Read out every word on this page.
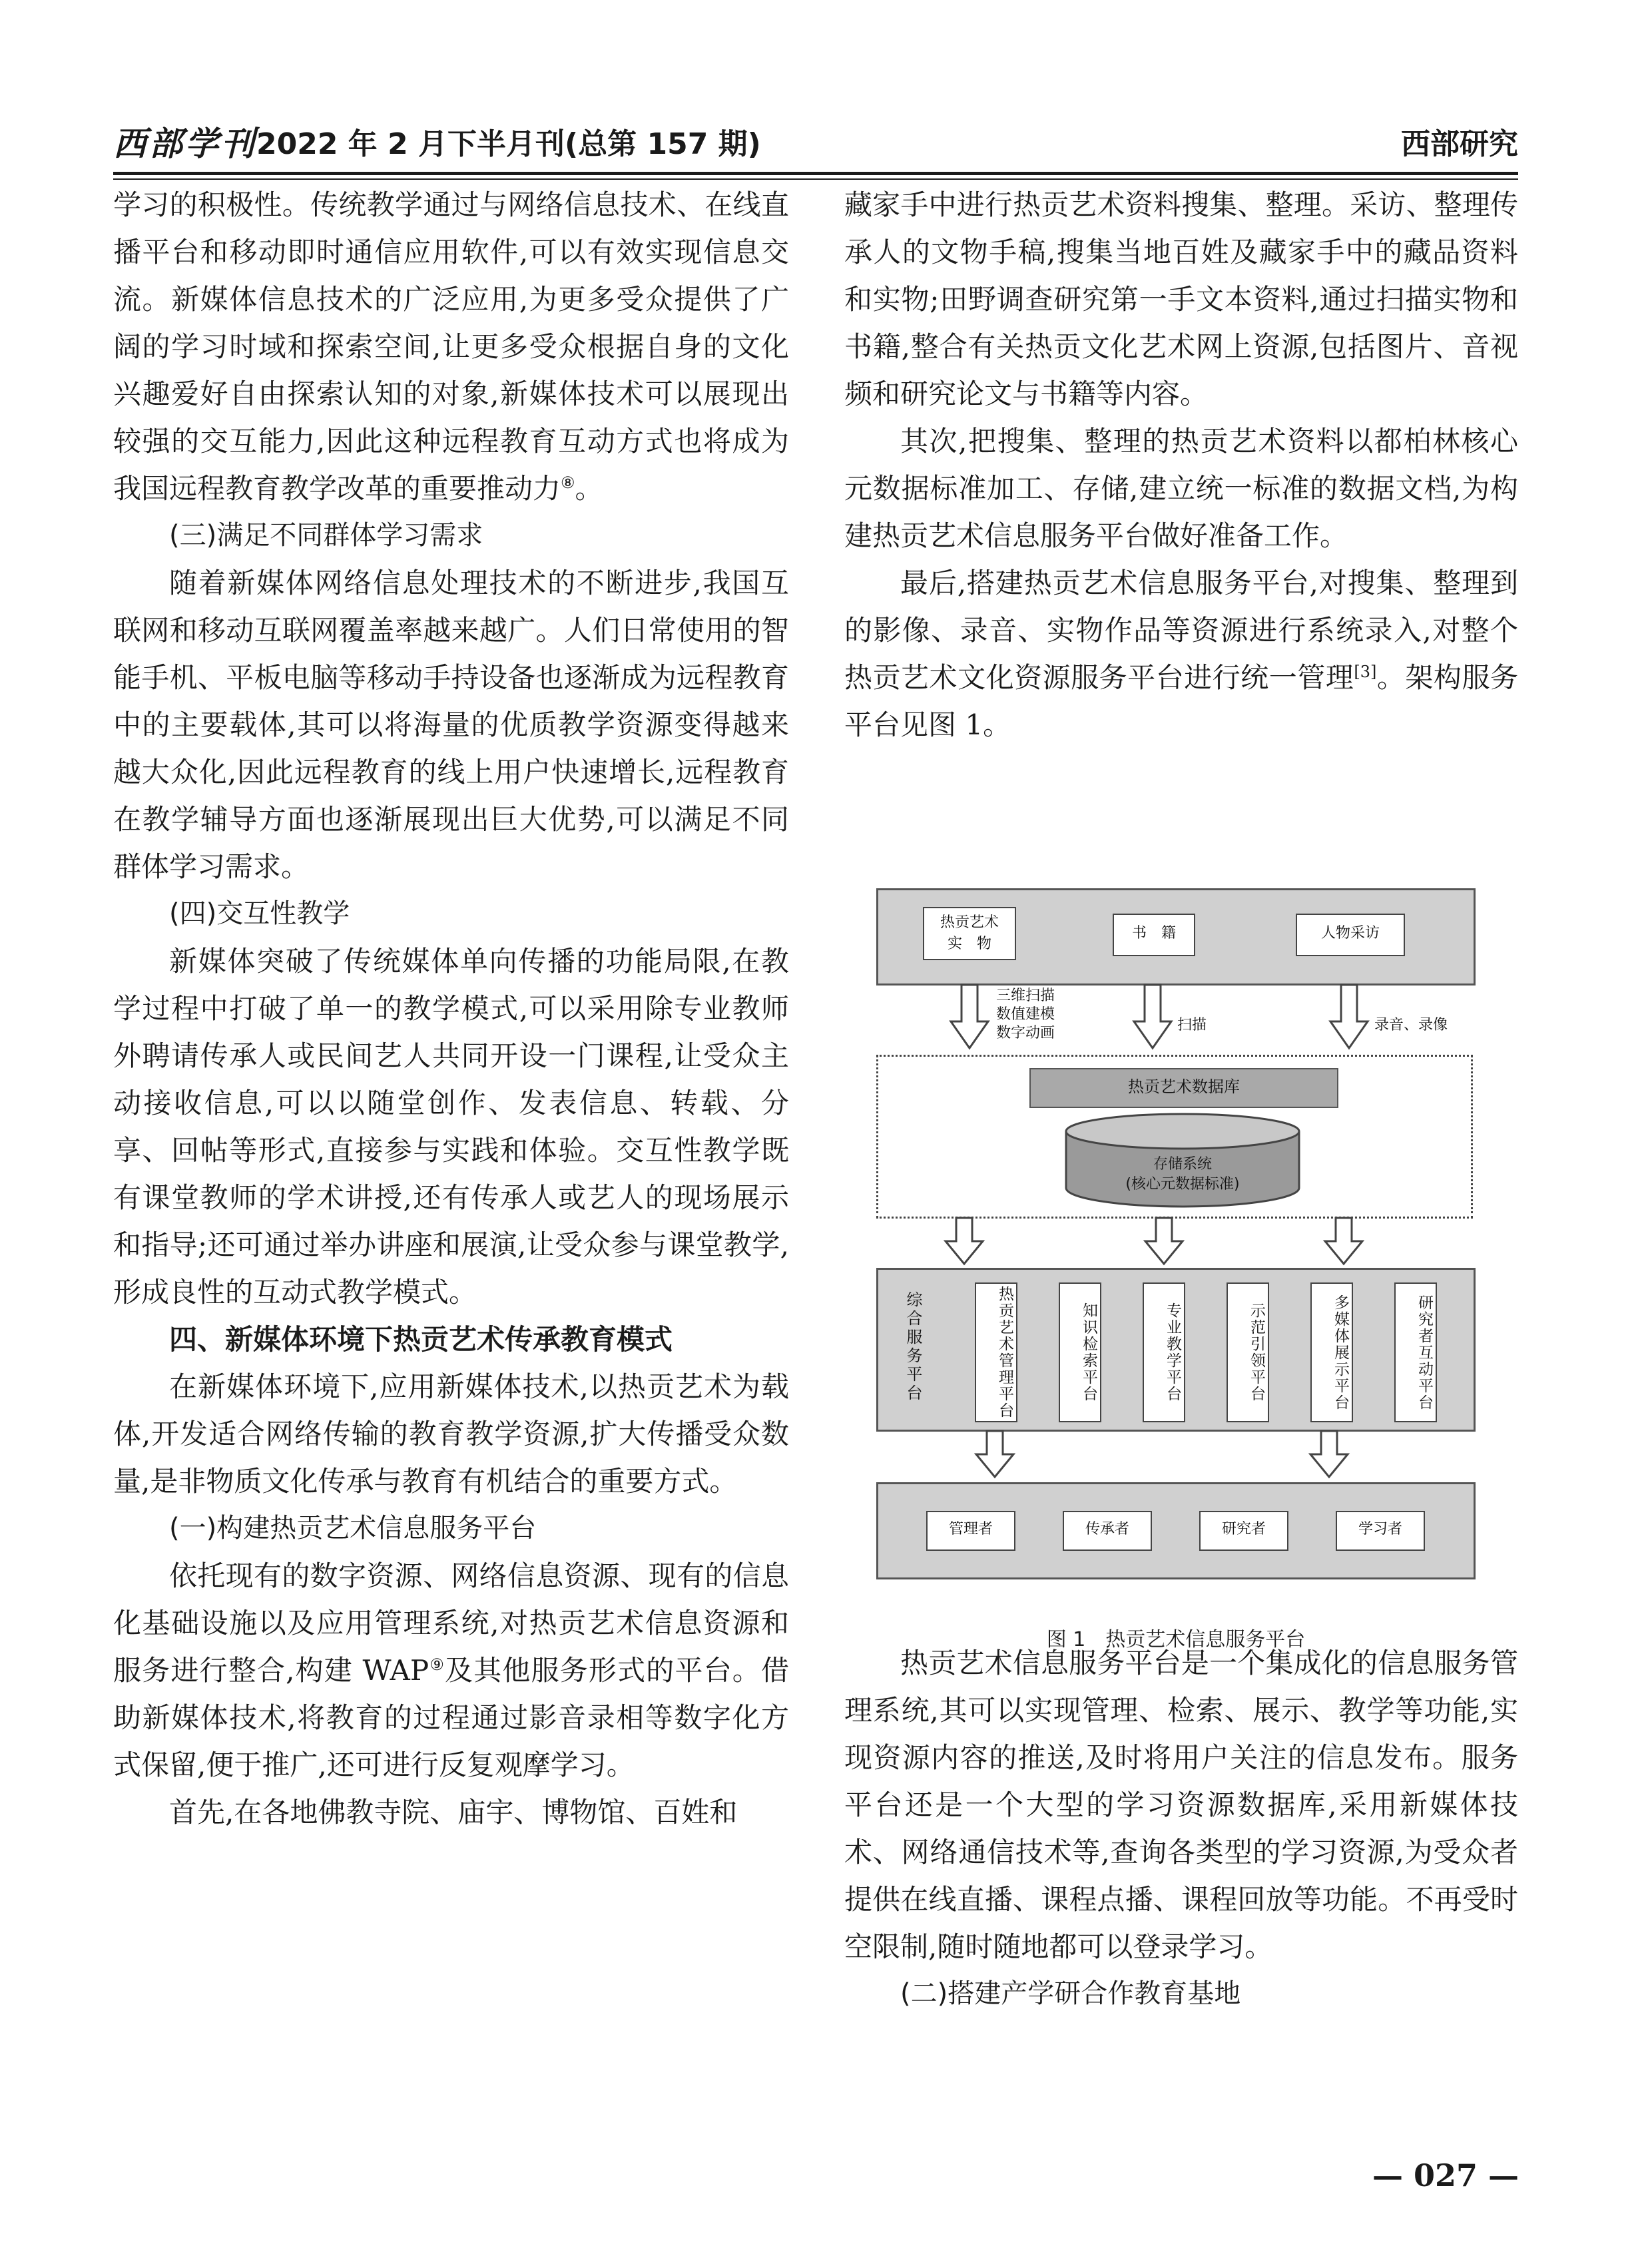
西部学刊 2022 年 2 月下半月刊(总第 157 期)	西部研究

学习的积极性。传统教学通过与网络信息技术、在线直播平台和移动即时通信应用软件,可以有效实现信息交流。新媒体信息技术的广泛应用,为更多受众提供了广阔的学习时域和探索空间,让更多受众根据自身的文化兴趣爱好自由探索认知的对象,新媒体技术可以展现出较强的交互能力,因此这种远程教育互动方式也将成为我国远程教育教学改革的重要推动力⑧。

(三)满足不同群体学习需求

随着新媒体网络信息处理技术的不断进步,我国互联网和移动互联网覆盖率越来越广。人们日常使用的智能手机、平板电脑等移动手持设备也逐渐成为远程教育中的主要载体,其可以将海量的优质教学资源变得越来越大众化,因此远程教育的线上用户快速增长,远程教育在教学辅导方面也逐渐展现出巨大优势,可以满足不同群体学习需求。

(四)交互性教学

新媒体突破了传统媒体单向传播的功能局限,在教学过程中打破了单一的教学模式,可以采用除专业教师外聘请传承人或民间艺人共同开设一门课程,让受众主动接收信息,可以以随堂创作、发表信息、转载、分享、回帖等形式,直接参与实践和体验。交互性教学既有课堂教师的学术讲授,还有传承人或艺人的现场展示和指导;还可通过举办讲座和展演,让受众参与课堂教学,形成良性的互动式教学模式。

四、新媒体环境下热贡艺术传承教育模式

在新媒体环境下,应用新媒体技术,以热贡艺术为载体,开发适合网络传输的教育教学资源,扩大传播受众数量,是非物质文化传承与教育有机结合的重要方式。

(一)构建热贡艺术信息服务平台

依托现有的数字资源、网络信息资源、现有的信息化基础设施以及应用管理系统,对热贡艺术信息资源和服务进行整合,构建 WAP⑨及其他服务形式的平台。借助新媒体技术,将教育的过程通过影音录相等数字化方式保留,便于推广,还可进行反复观摩学习。

首先,在各地佛教寺院、庙宇、博物馆、百姓和

藏家手中进行热贡艺术资料搜集、整理。采访、整理传承人的文物手稿,搜集当地百姓及藏家手中的藏品资料和实物;田野调查研究第一手文本资料,通过扫描实物和书籍,整合有关热贡文化艺术网上资源,包括图片、音视频和研究论文与书籍等内容。

其次,把搜集、整理的热贡艺术资料以都柏林核心元数据标准加工、存储,建立统一标准的数据文档,为构建热贡艺术信息服务平台做好准备工作。

最后,搭建热贡艺术信息服务平台,对搜集、整理到的影像、录音、实物作品等资源进行系统录入,对整个热贡艺术文化资源服务平台进行统一管理[3]。架构服务平台见图 1。

热贡艺术
实　物
书　籍	人物采访
三维扫描
数值建模
数字动画	扫描	录音、录像
热贡艺术数据库
存储系统
(核心元数据标准)
综合服务平台	热贡艺术管理平台	知识检索平台	专业教学平台	示范引领平台	多媒体展示平台	研究者互动平台
管理者	传承者	研究者	学习者
图 1　热贡艺术信息服务平台

热贡艺术信息服务平台是一个集成化的信息服务管理系统,其可以实现管理、检索、展示、教学等功能,实现资源内容的推送,及时将用户关注的信息发布。服务平台还是一个大型的学习资源数据库,采用新媒体技术、网络通信技术等,查询各类型的学习资源,为受众者提供在线直播、课程点播、课程回放等功能。不再受时空限制,随时随地都可以登录学习。

(二)搭建产学研合作教育基地

— 027 —
